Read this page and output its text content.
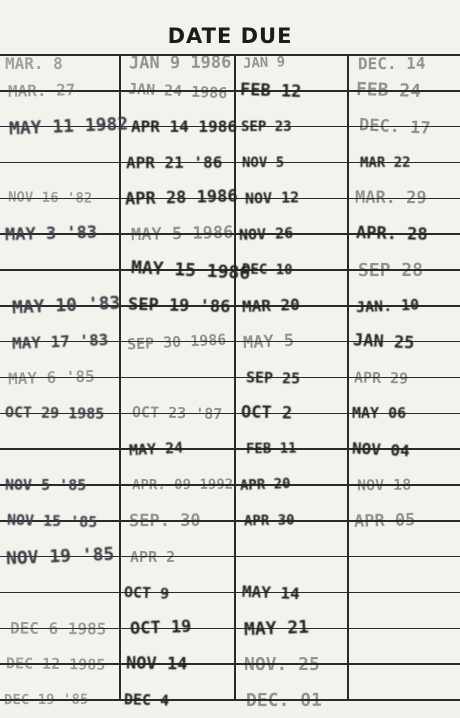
DATE DUE
MAR. 8
MAR. 27
MAY 11 1982
NOV 16 '82
MAY 3 '83
MAY 10 '83
MAY 17 '83
MAY 6 '85
OCT 29 1985
NOV 5 '85
NOV 15 '85
NOV 19 '85
DEC 6 1985
DEC 12 1985
DEC 19 '85
JAN 9 1986
JAN 24 1986
APR 14 1986
APR 21 '86
APR 28 1986
MAY 5 1986
MAY 15 1986
SEP 19 '86
SEP 30 1986
OCT 23 '87
MAY 24
APR. 09 1992
SEP. 30
APR 2
OCT 9
OCT 19
NOV 14
DEC 4
JAN 9
FEB 12
SEP 23
NOV 5
NOV 12
NOV 26
DEC 10
MAR 20
MAY 5
SEP 25
OCT 2
FEB 11
APR 20
APR 30
MAY 14
MAY 21
NOV. 25
DEC. 01
DEC. 14
FEB 24
DEC. 17
MAR 22
MAR. 29
APR. 28
SEP 28
JAN. 10
JAN 25
APR 29
MAY 06
NOV 04
NOV 18
APR 05
